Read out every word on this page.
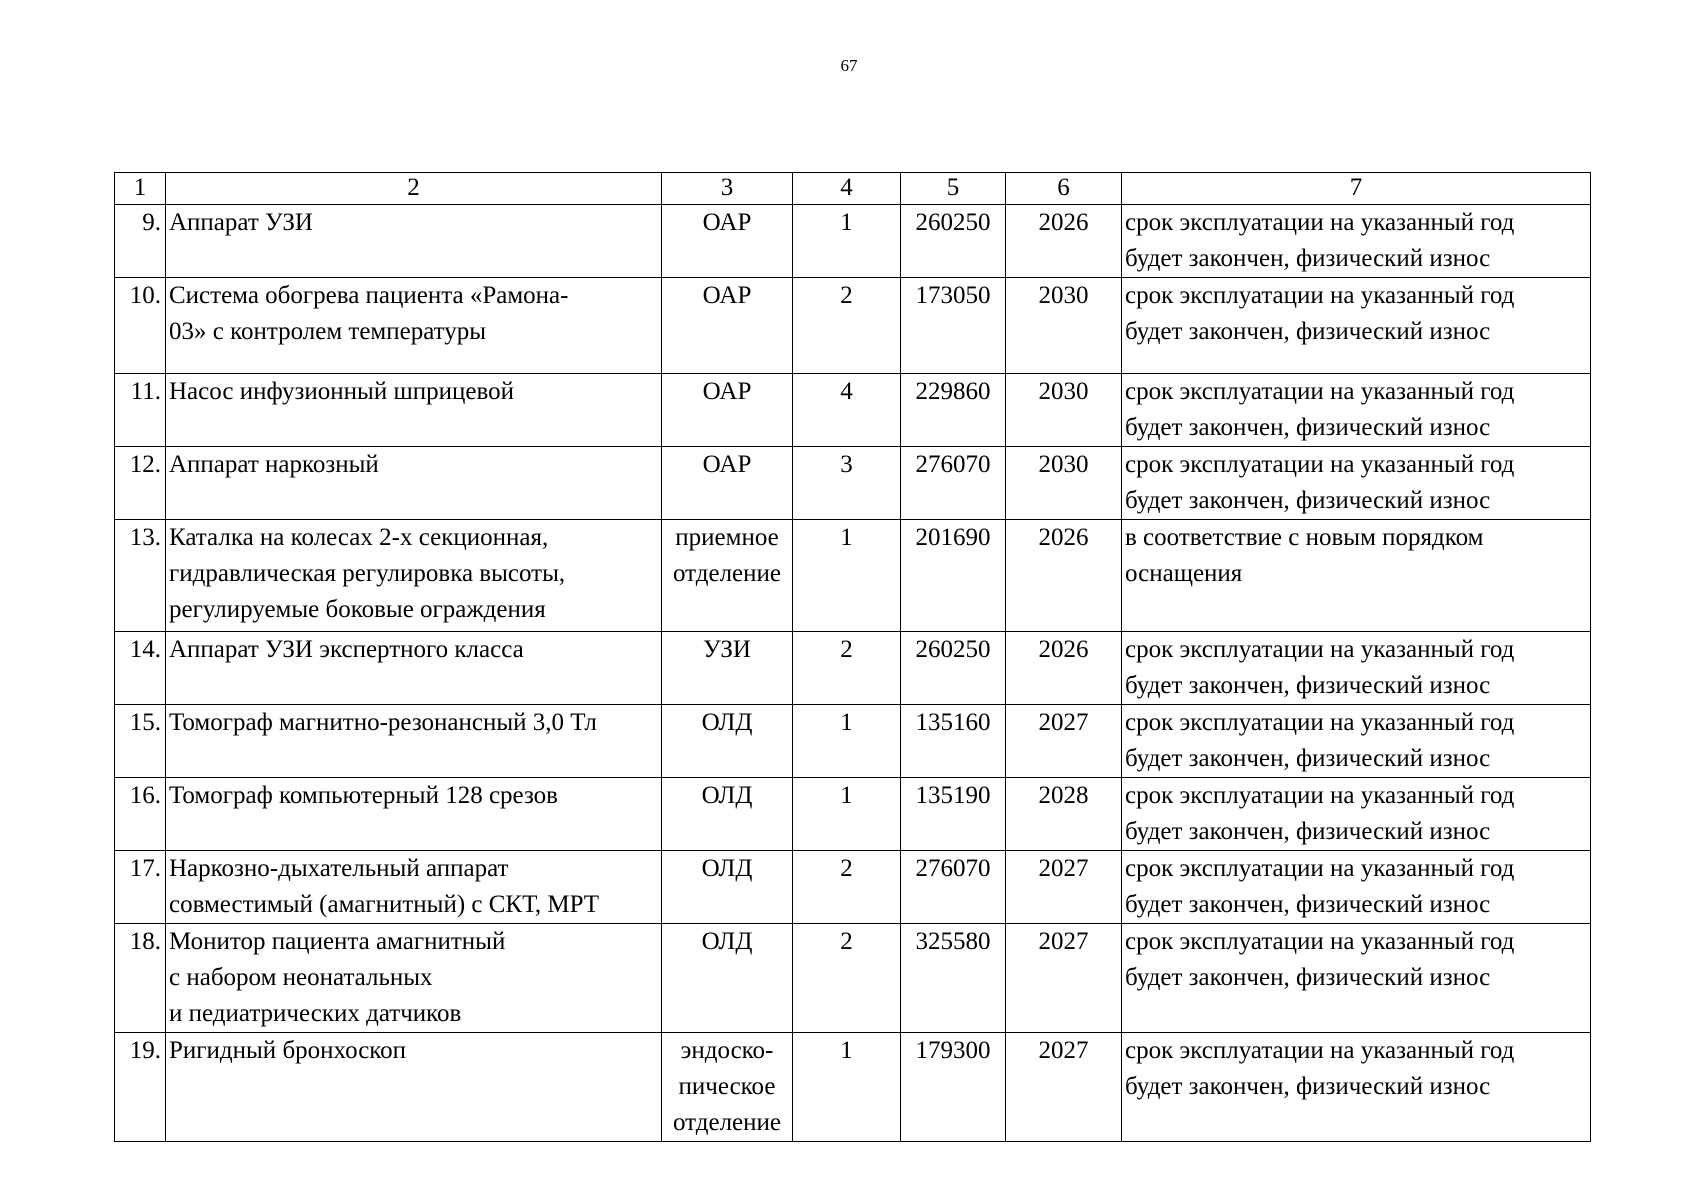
67
1	2	3	4	5	6	7
9.	Аппарат УЗИ	ОАР	1	260250	2026	срок эксплуатации на указанный год
будет закончен, физический износ
10.	Система обогрева пациента «Рамона-
03» с контролем температуры	ОАР	2	173050	2030	срок эксплуатации на указанный год
будет закончен, физический износ
11.	Насос инфузионный шприцевой	ОАР	4	229860	2030	срок эксплуатации на указанный год
будет закончен, физический износ
12.	Аппарат наркозный	ОАР	3	276070	2030	срок эксплуатации на указанный год
будет закончен, физический износ
13.	Каталка на колесах 2-х секционная,
гидравлическая регулировка высоты,
регулируемые боковые ограждения	приемное
отделение	1	201690	2026	в соответствие с новым порядком
оснащения
14.	Аппарат УЗИ экспертного класса	УЗИ	2	260250	2026	срок эксплуатации на указанный год
будет закончен, физический износ
15.	Томограф магнитно-резонансный 3,0 Тл	ОЛД	1	135160	2027	срок эксплуатации на указанный год
будет закончен, физический износ
16.	Томограф компьютерный 128 срезов	ОЛД	1	135190	2028	срок эксплуатации на указанный год
будет закончен, физический износ
17.	Наркозно-дыхательный аппарат
совместимый (амагнитный) с СКТ, МРТ	ОЛД	2	276070	2027	срок эксплуатации на указанный год
будет закончен, физический износ
18.	Монитор пациента амагнитный
с набором неонатальных
и педиатрических датчиков	ОЛД	2	325580	2027	срок эксплуатации на указанный год
будет закончен, физический износ
19.	Ригидный бронхоскоп	эндоско-
пическое
отделение	1	179300	2027	срок эксплуатации на указанный год
будет закончен, физический износ
